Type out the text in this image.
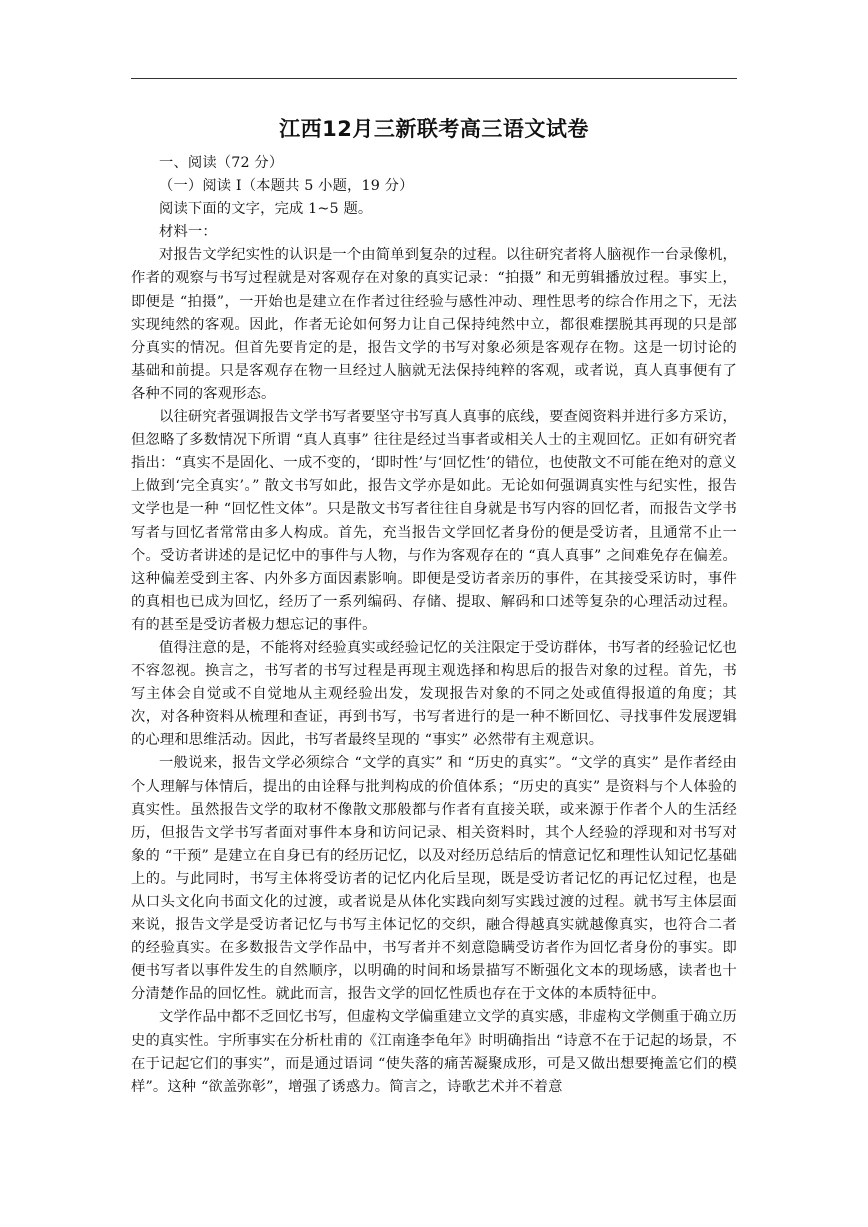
江西12月三新联考高三语文试卷

一、阅读（72 分）

（一）阅读 Ⅰ（本题共 5 小题，19 分）

阅读下面的文字，完成 1~5 题。

材料一：

对报告文学纪实性的认识是一个由简单到复杂的过程。以往研究者将人脑视作一台录像机，作者的观察与书写过程就是对客观存在对象的真实记录：“拍摄” 和无剪辑播放过程。事实上，即便是 “拍摄”，一开始也是建立在作者过往经验与感性冲动、理性思考的综合作用之下，无法实现纯然的客观。因此，作者无论如何努力让自己保持纯然中立，都很难摆脱其再现的只是部分真实的情况。但首先要肯定的是，报告文学的书写对象必须是客观存在物。这是一切讨论的基础和前提。只是客观存在物一旦经过人脑就无法保持纯粹的客观，或者说，真人真事便有了各种不同的客观形态。

以往研究者强调报告文学书写者要坚守书写真人真事的底线，要查阅资料并进行多方采访，但忽略了多数情况下所谓 “真人真事” 往往是经过当事者或相关人士的主观回忆。正如有研究者指出：“真实不是固化、一成不变的，‘即时性’与‘回忆性’的错位，也使散文不可能在绝对的意义上做到‘完全真实’。” 散文书写如此，报告文学亦是如此。无论如何强调真实性与纪实性，报告文学也是一种 “回忆性文体”。只是散文书写者往往自身就是书写内容的回忆者，而报告文学书写者与回忆者常常由多人构成。首先，充当报告文学回忆者身份的便是受访者，且通常不止一个。受访者讲述的是记忆中的事件与人物，与作为客观存在的 “真人真事” 之间难免存在偏差。这种偏差受到主客、内外多方面因素影响。即便是受访者亲历的事件，在其接受采访时，事件的真相也已成为回忆，经历了一系列编码、存储、提取、解码和口述等复杂的心理活动过程。有的甚至是受访者极力想忘记的事件。

值得注意的是，不能将对经验真实或经验记忆的关注限定于受访群体，书写者的经验记忆也不容忽视。换言之，书写者的书写过程是再现主观选择和构思后的报告对象的过程。首先，书写主体会自觉或不自觉地从主观经验出发，发现报告对象的不同之处或值得报道的角度；其次，对各种资料从梳理和查证，再到书写，书写者进行的是一种不断回忆、寻找事件发展逻辑的心理和思维活动。因此，书写者最终呈现的 “事实” 必然带有主观意识。

一般说来，报告文学必须综合 “文学的真实” 和 “历史的真实”。“文学的真实” 是作者经由个人理解与体情后，提出的由诠释与批判构成的价值体系；“历史的真实” 是资料与个人体验的真实性。虽然报告文学的取材不像散文那般都与作者有直接关联，或来源于作者个人的生活经历，但报告文学书写者面对事件本身和访问记录、相关资料时，其个人经验的浮现和对书写对象的 “干预” 是建立在自身已有的经历记忆，以及对经历总结后的情意记忆和理性认知记忆基础上的。与此同时，书写主体将受访者的记忆内化后呈现，既是受访者记忆的再记忆过程，也是从口头文化向书面文化的过渡，或者说是从体化实践向刻写实践过渡的过程。就书写主体层面来说，报告文学是受访者记忆与书写主体记忆的交织，融合得越真实就越像真实，也符合二者的经验真实。在多数报告文学作品中，书写者并不刻意隐瞒受访者作为回忆者身份的事实。即便书写者以事件发生的自然顺序，以明确的时间和场景描写不断强化文本的现场感，读者也十分清楚作品的回忆性。就此而言，报告文学的回忆性质也存在于文体的本质特征中。

文学作品中都不乏回忆书写，但虚构文学偏重建立文学的真实感，非虚构文学侧重于确立历史的真实性。宇所事实在分析杜甫的《江南逢李龟年》时明确指出 “诗意不在于记起的场景，不在于记起它们的事实”，而是通过语词 “使失落的痛苦凝聚成形，可是又做出想要掩盖它们的模样”。这种 “欲盖弥彰”，增强了诱惑力。简言之，诗歌艺术并不着意
